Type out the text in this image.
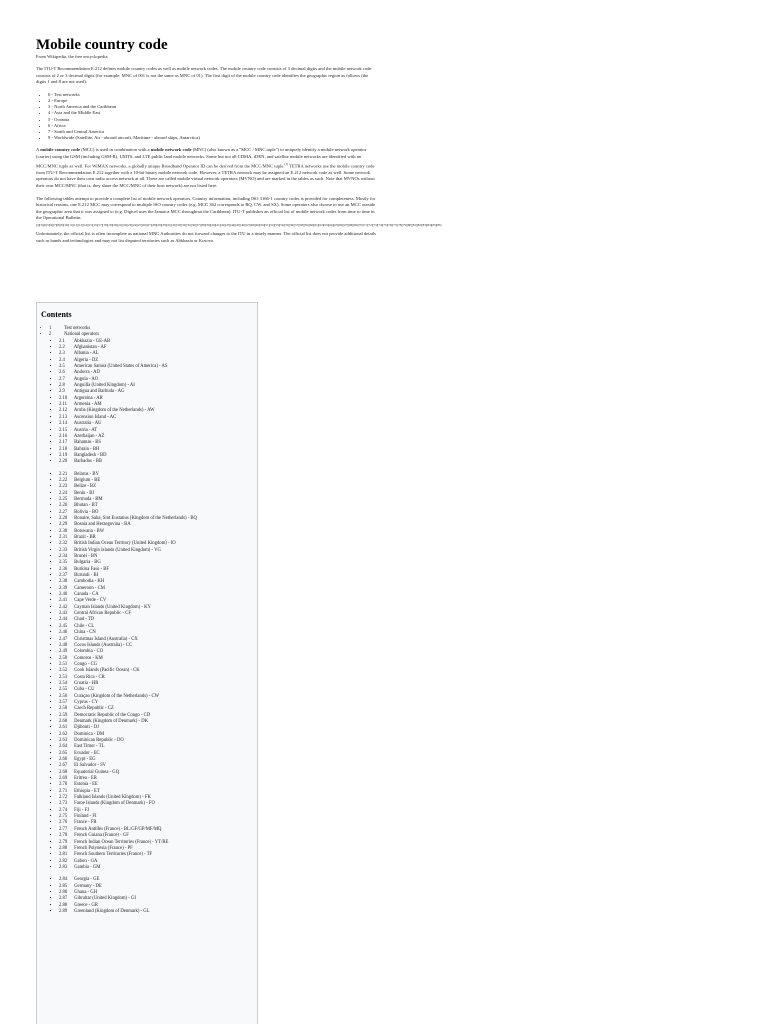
Mobile country code
From Wikipedia, the free encyclopedia

The ITU-T Recommendation E.212 defines mobile country codes as well as mobile network codes. The mobile country code consists of 3 decimal digits and the mobile network code consists of 2 or 3 decimal digits (for example: MNC of 001 is not the same as MNC of 01). The first digit of the mobile country code identifies the geographic region as follows (the digits 1 and 8 are not used):

• 0 - Test networks
• 2 - Europe
• 3 - North America and the Caribbean
• 4 - Asia and the Middle East
• 5 - Oceania
• 6 - Africa
• 7 - South and Central America
• 9 - Worldwide (Satellite, Air - aboard aircraft, Maritime - aboard ships, Antarctica)

A mobile country code (MCC) is used in combination with a mobile network code (MNC) (also known as a "MCC / MNC tuple") to uniquely identify a mobile network operator (carrier) using the GSM (including GSM-R), UMTS, and LTE public land mobile networks. Some but not all CDMA, iDEN, and satellite mobile networks are identified with an MCC/MNC tuple as well. For WiMAX networks, a globally unique Broadband Operator ID can be derived from the MCC/MNC tuple.[1] TETRA networks use the mobile country code from ITU-T Recommendation E.212 together with a 10-bit binary mobile network code. However, a TETRA network may be assigned an E.212 network code as well. Some network operators do not have their own radio access network at all. These are called mobile virtual network operators (MVNO) and are marked in the tables as such. Note that MVNOs without their own MCC/MNC (that is, they share the MCC/MNC of their host network) are not listed here.

The following tables attempt to provide a complete list of mobile network operators. Country information, including ISO 3166-1 country codes is provided for completeness. Mostly for historical reasons, one E.212 MCC may correspond to multiple ISO country codes (e.g. MCC 362 corresponds to BQ, CW, and SX). Some operators also choose to use an MCC outside the geographic area that it was assigned to (e.g. Digicel uses the Jamaica MCC throughout the Caribbean). ITU-T publishes an official list of mobile network codes from time to time in the Operational Bulletin.[2][3][4][5][6][7][8][9][10][11][12][13][14][15][16][17][18][19][20][21][22][23][24][25][26][27][28][29][30][31][32][33][34][35][36][37][38][39][40][41][42][43][44][45][46][47][48][49][50][51][52][53][54][55][56][57][58][59][60][61][62][63][64][65][66][67][68][69][70][71][72][73][74][75][76][77][78][79][80][81][82][83][84][85][86] Unfortunately, the official list is often incomplete as national MNC Authorities do not forward changes to the ITU in a timely manner. The official list does not provide additional details such as bands and technologies and may not list disputed territories such as Abkhazia or Kosovo.

Contents
• 1	Test networks
• 2	National operators
▪ 2.1 Abkhazia - GE-AB
▪ 2.2 Afghanistan - AF
▪ 2.3 Albania - AL
▪ 2.4 Algeria - DZ
▪ 2.5 American Samoa (United States of America) - AS
▪ 2.6 Andorra - AD
▪ 2.7 Angola - AO
▪ 2.8 Anguilla (United Kingdom) - AI
▪ 2.9 Antigua and Barbuda - AG
▪ 2.10 Argentina - AR
▪ 2.11 Armenia - AM
▪ 2.12 Aruba (Kingdom of the Netherlands) - AW
▪ 2.13 Ascension Island - AC
▪ 2.14 Australia - AU
▪ 2.15 Austria - AT
▪ 2.16 Azerbaijan - AZ
▪ 2.17 Bahamas - BS
▪ 2.18 Bahrain - BH
▪ 2.19 Bangladesh - BD
▪ 2.20 Barbados - BB
▪ 2.21 Belarus - BY
▪ 2.22 Belgium - BE
▪ 2.23 Belize - BZ
▪ 2.24 Benin - BJ
▪ 2.25 Bermuda - BM
▪ 2.26 Bhutan - BT
▪ 2.27 Bolivia - BO
▪ 2.28 Bonaire, Saba, Sint Eustatius (Kingdom of the Netherlands) - BQ
▪ 2.29 Bosnia and Herzegovina - BA
▪ 2.30 Botswana - BW
▪ 2.31 Brazil - BR
▪ 2.32 British Indian Ocean Territory (United Kingdom) - IO
▪ 2.33 British Virgin Islands (United Kingdom) - VG
▪ 2.34 Brunei - BN
▪ 2.35 Bulgaria - BG
▪ 2.36 Burkina Faso - BF
▪ 2.37 Burundi - BI
▪ 2.38 Cambodia - KH
▪ 2.39 Cameroon - CM
▪ 2.40 Canada - CA
▪ 2.41 Cape Verde - CV
▪ 2.42 Cayman Islands (United Kingdom) - KY
▪ 2.43 Central African Republic - CF
▪ 2.44 Chad - TD
▪ 2.45 Chile - CL
▪ 2.46 China - CN
▪ 2.47 Christmas Island (Australia) - CX
▪ 2.48 Cocos Islands (Australia) - CC
▪ 2.49 Colombia - CO
▪ 2.50 Comoros - KM
▪ 2.51 Congo - CG
▪ 2.52 Cook Islands (Pacific Ocean) - CK
▪ 2.53 Costa Rica - CR
▪ 2.54 Croatia - HR
▪ 2.55 Cuba - CU
▪ 2.56 Curaçao (Kingdom of the Netherlands) - CW
▪ 2.57 Cyprus - CY
▪ 2.58 Czech Republic - CZ
▪ 2.59 Democratic Republic of the Congo - CD
▪ 2.60 Denmark (Kingdom of Denmark) - DK
▪ 2.61 Djibouti - DJ
▪ 2.62 Dominica - DM
▪ 2.63 Dominican Republic - DO
▪ 2.64 East Timor - TL
▪ 2.65 Ecuador - EC
▪ 2.66 Egypt - EG
▪ 2.67 El Salvador - SV
▪ 2.68 Equatorial Guinea - GQ
▪ 2.69 Eritrea - ER
▪ 2.70 Estonia - EE
▪ 2.71 Ethiopia - ET
▪ 2.72 Falkland Islands (United Kingdom) - FK
▪ 2.73 Faroe Islands (Kingdom of Denmark) - FO
▪ 2.74 Fiji - FJ
▪ 2.75 Finland - FI
▪ 2.76 France - FR
▪ 2.77 French Antilles (France) - BL/GF/GP/MF/MQ
▪ 2.78 French Guiana (France) - GF
▪ 2.79 French Indian Ocean Territories (France) - YT/RE
▪ 2.80 French Polynesia (France) - PF
▪ 2.81 French Southern Territories (France) - TF
▪ 2.82 Gabon - GA
▪ 2.83 Gambia - GM
▪ 2.84 Georgia - GE
▪ 2.85 Germany - DE
▪ 2.86 Ghana - GH
▪ 2.87 Gibraltar (United Kingdom) - GI
▪ 2.88 Greece - GR
▪ 2.89 Greenland (Kingdom of Denmark) - GL
